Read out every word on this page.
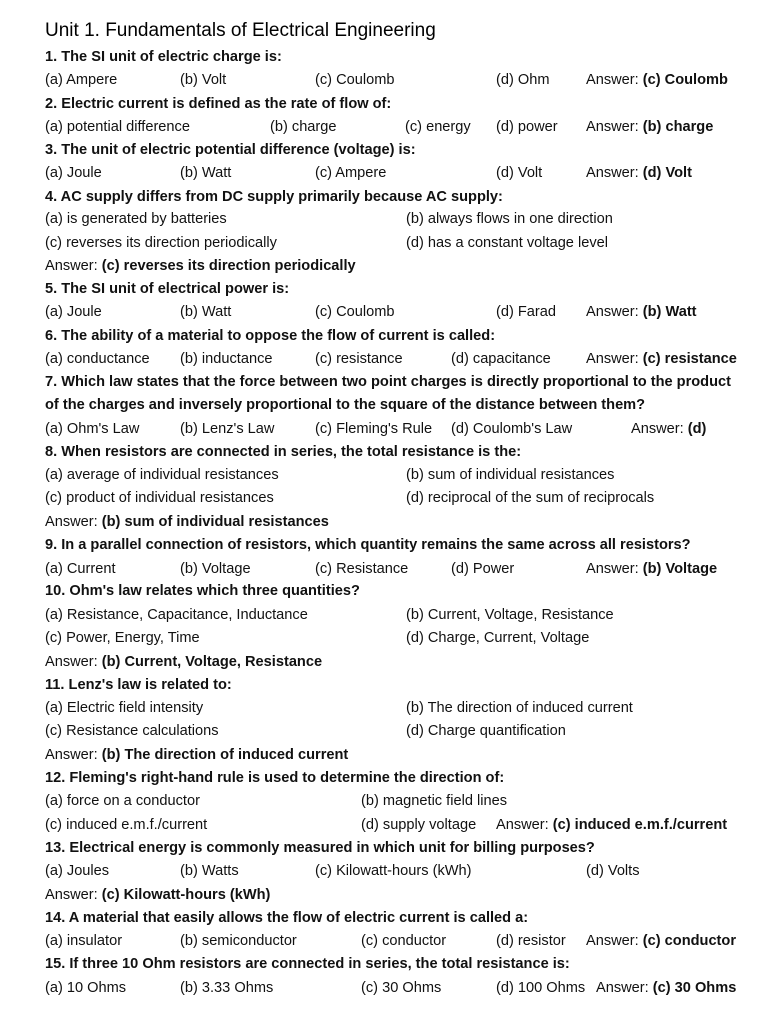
Unit 1. Fundamentals of Electrical Engineering
1. The SI unit of electric charge is:
(a) Ampere	(b) Volt	(c) Coulomb	(d) Ohm Answer: (c) Coulomb
2. Electric current is defined as the rate of flow of:
(a) potential difference	(b) charge	(c) energy (d) power Answer: (b) charge
3. The unit of electric potential difference (voltage) is:
(a) Joule	(b) Watt	(c) Ampere	(d) Volt	Answer: (d) Volt
4. AC supply differs from DC supply primarily because AC supply:
(a) is generated by batteries	(b) always flows in one direction
(c) reverses its direction periodically	(d) has a constant voltage level
Answer: (c) reverses its direction periodically
5. The SI unit of electrical power is:
(a) Joule	(b) Watt	(c) Coulomb	(d) Farad Answer: (b) Watt
6. The ability of a material to oppose the flow of current is called:
(a) conductance (b) inductance	(c) resistance	(d) capacitance Answer: (c) resistance
7. Which law states that the force between two point charges is directly proportional to the product
of the charges and inversely proportional to the square of the distance between them?
(a) Ohm's Law	(b) Lenz's Law	(c) Fleming's Rule (d) Coulomb's Law	Answer: (d)
8. When resistors are connected in series, the total resistance is the:
(a) average of individual resistances	(b) sum of individual resistances
(c) product of individual resistances	(d) reciprocal of the sum of reciprocals
Answer: (b) sum of individual resistances
9. In a parallel connection of resistors, which quantity remains the same across all resistors?
(a) Current	(b) Voltage	(c) Resistance	(d) Power	Answer: (b) Voltage
10. Ohm's law relates which three quantities?
(a) Resistance, Capacitance, Inductance	(b) Current, Voltage, Resistance
(c) Power, Energy, Time	(d) Charge, Current, Voltage
Answer: (b) Current, Voltage, Resistance
11. Lenz's law is related to:
(a) Electric field intensity	(b) The direction of induced current
(c) Resistance calculations	(d) Charge quantification
Answer: (b) The direction of induced current
12. Fleming's right-hand rule is used to determine the direction of:
(a) force on a conductor	(b) magnetic field lines
(c) induced e.m.f./current	(d) supply voltage Answer: (c) induced e.m.f./current
13. Electrical energy is commonly measured in which unit for billing purposes?
(a) Joules	(b) Watts	(c) Kilowatt-hours (kWh)	(d) Volts
Answer: (c) Kilowatt-hours (kWh)
14. A material that easily allows the flow of electric current is called a:
(a) insulator	(b) semiconductor	(c) conductor	(d) resistor Answer: (c) conductor
15. If three 10 Ohm resistors are connected in series, the total resistance is:
(a) 10 Ohms	(b) 3.33 Ohms	(c) 30 Ohms	(d) 100 Ohms Answer: (c) 30 Ohms
